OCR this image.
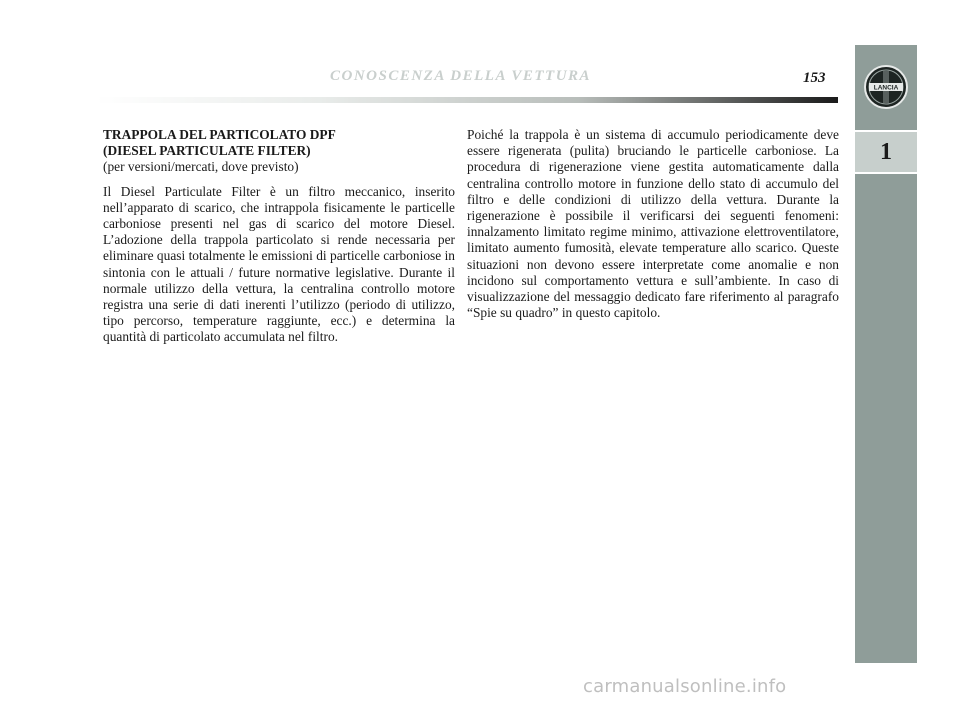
CONOSCENZA DELLA VETTURA	153
LANCIA
1

TRAPPOLA DEL PARTICOLATO DPF

(DIESEL PARTICULATE FILTER)

(per versioni/mercati, dove previsto)

Il Diesel Particulate Filter è un filtro meccanico, inserito nell’apparato di scarico, che intrappola fisicamente le particelle carboniose presenti nel gas di scarico del motore Diesel. L’adozione della trappola particolato si rende necessaria per eliminare quasi totalmente le emissioni di particelle carboniose in sintonia con le attuali / future normative legislative. Durante il normale utilizzo della vettura, la centralina controllo motore registra una serie di dati inerenti l’utilizzo (periodo di utilizzo, tipo percorso, temperature raggiunte, ecc.) e determina la quantità di particolato accumulata nel filtro.

Poiché la trappola è un sistema di accumulo periodicamente deve essere rigenerata (pulita) bruciando le particelle carboniose. La procedura di rigenerazione viene gestita automaticamente dalla centralina controllo motore in funzione dello stato di accumulo del filtro e delle condizioni di utilizzo della vettura. Durante la rigenerazione è possibile il verificarsi dei seguenti fenomeni: innalzamento limitato regime minimo, attivazione elettroventilatore, limitato aumento fumosità, elevate temperature allo scarico. Queste situazioni non devono essere interpretate come anomalie e non incidono sul comportamento vettura e sull’ambiente. In caso di visualizzazione del messaggio dedicato fare riferimento al paragrafo “Spie su quadro” in questo capitolo.

carmanualsonline.info
